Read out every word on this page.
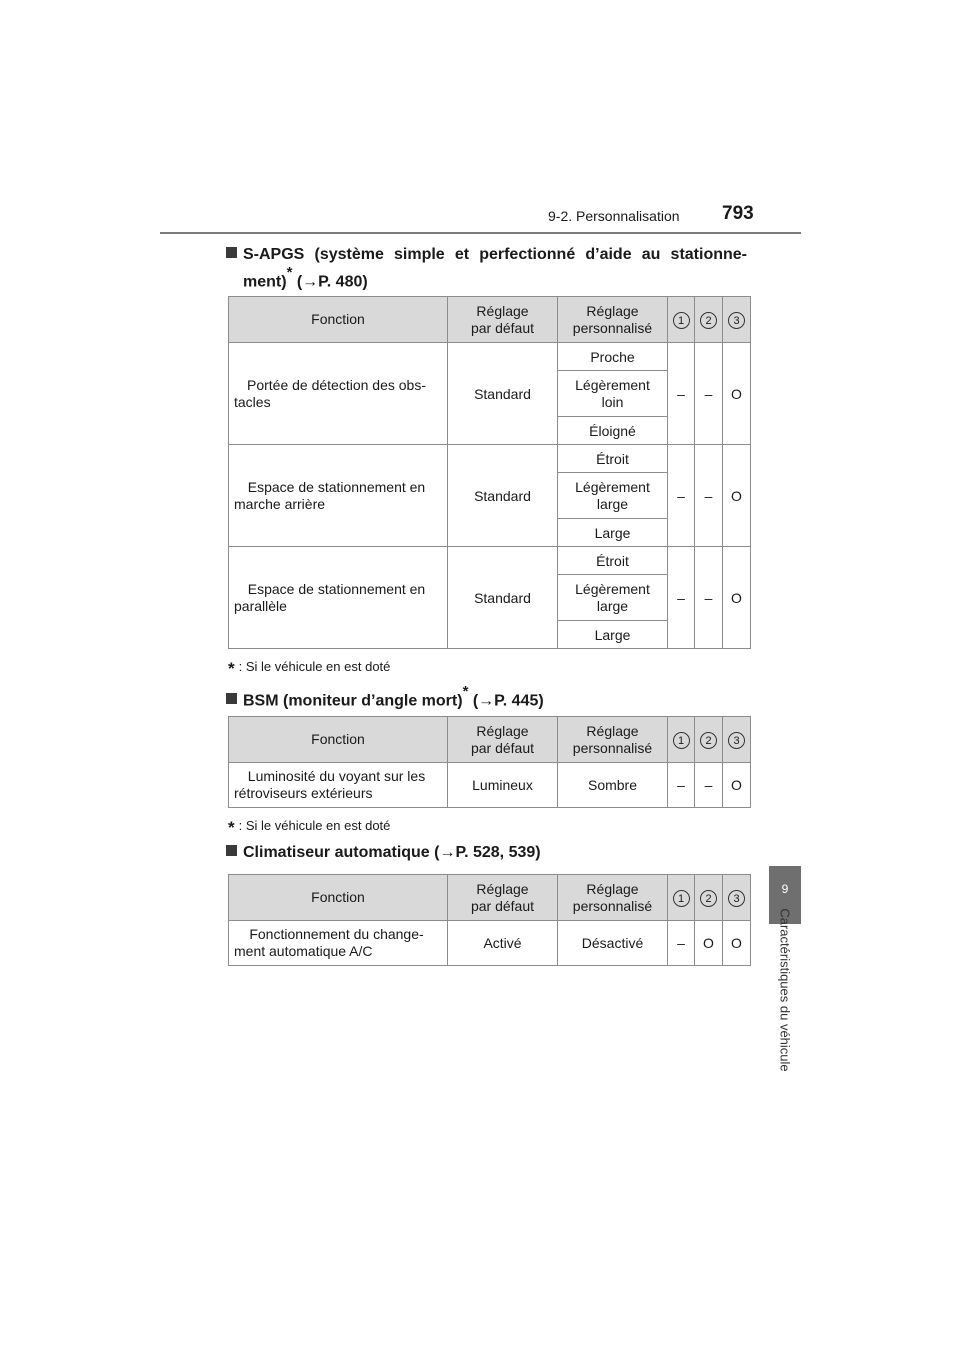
9-2. Personnalisation 793
9
Caractéristiques du véhicule
S-APGS (système simple et perfectionné d’aide au stationne-
ment)* (→P. 480)
Fonction	Réglage
par défaut	Réglage
personnalisé	1	2	3
Portée de détection des obs-tacles	Standard	Proche	–	–	O
		Légèrement
loin			
		Éloigné			
Espace de stationnement en marche arrière	Standard	Étroit	–	–	O
		Légèrement
large			
		Large			
Espace de stationnement en parallèle	Standard	Étroit	–	–	O
		Légèrement
large			
		Large			
* : Si le véhicule en est doté
BSM (moniteur d’angle mort)* (→P. 445)
Fonction	Réglage
par défaut	Réglage
personnalisé	1	2	3
Luminosité du voyant sur les rétroviseurs extérieurs	Lumineux	Sombre	–	–	O
* : Si le véhicule en est doté
Climatiseur automatique (→P. 528, 539)
Fonction	Réglage
par défaut	Réglage
personnalisé	1	2	3
Fonctionnement du change-ment automatique A/C	Activé	Désactivé	–	O	O
